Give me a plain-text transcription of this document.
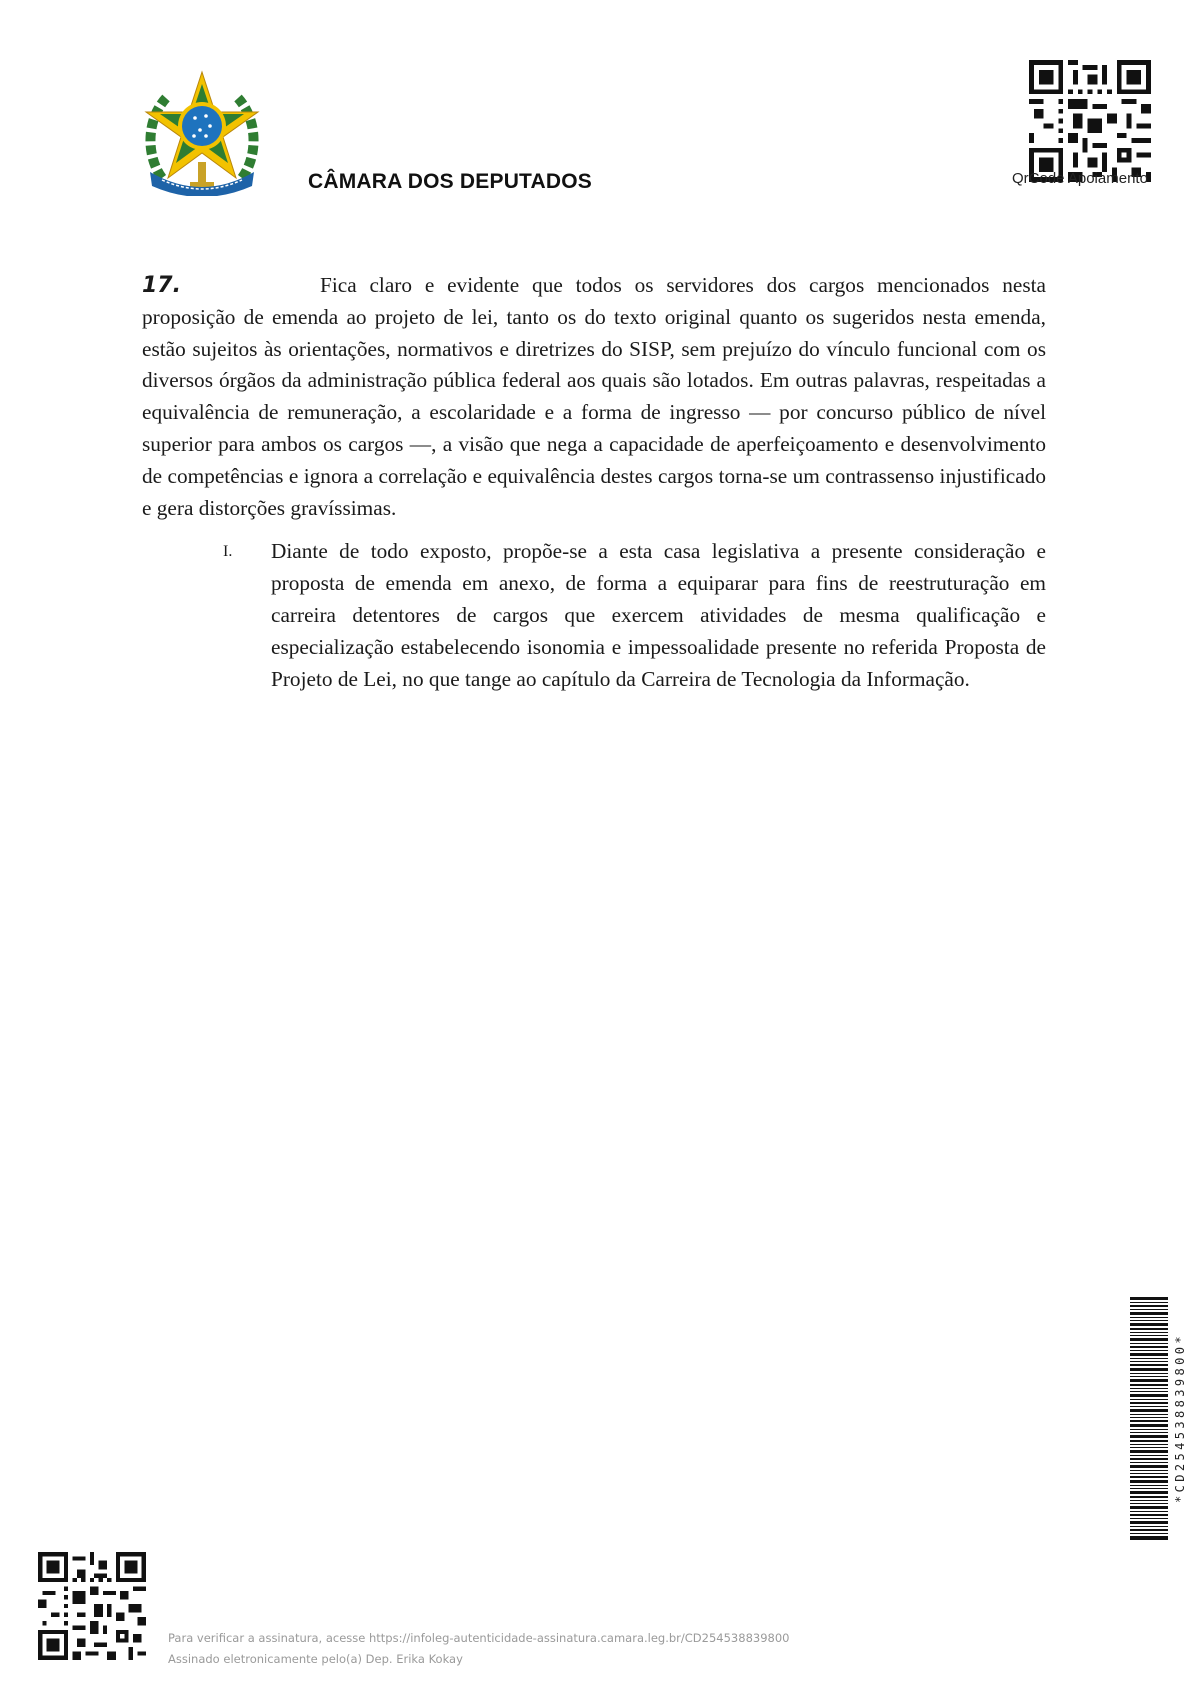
CÂMARA DOS DEPUTADOS	QrCode Apoiamento

17.	Fica claro e evidente que todos os servidores dos cargos mencionados nesta proposição de emenda ao projeto de lei, tanto os do texto original quanto os sugeridos nesta emenda, estão sujeitos às orientações, normativos e diretrizes do SISP, sem prejuízo do vínculo funcional com os diversos órgãos da administração pública federal aos quais são lotados. Em outras palavras, respeitadas a equivalência de remuneração, a escolaridade e a forma de ingresso — por concurso público de nível superior para ambos os cargos —, a visão que nega a capacidade de aperfeiçoamento e desenvolvimento de competências e ignora a correlação e equivalência destes cargos torna-se um contrassenso injustificado e gera distorções gravíssimas.

I. Diante de todo exposto, propõe-se a esta casa legislativa a presente consideração e proposta de emenda em anexo, de forma a equiparar para fins de reestruturação em carreira detentores de cargos que exercem atividades de mesma qualificação e especialização estabelecendo isonomia e impessoalidade presente no referida Proposta de Projeto de Lei, no que tange ao capítulo da Carreira de Tecnologia da Informação.

*CD254538839800*
Para verificar a assinatura, acesse https://infoleg-autenticidade-assinatura.camara.leg.br/CD254538839800
Assinado eletronicamente pelo(a) Dep. Erika Kokay
